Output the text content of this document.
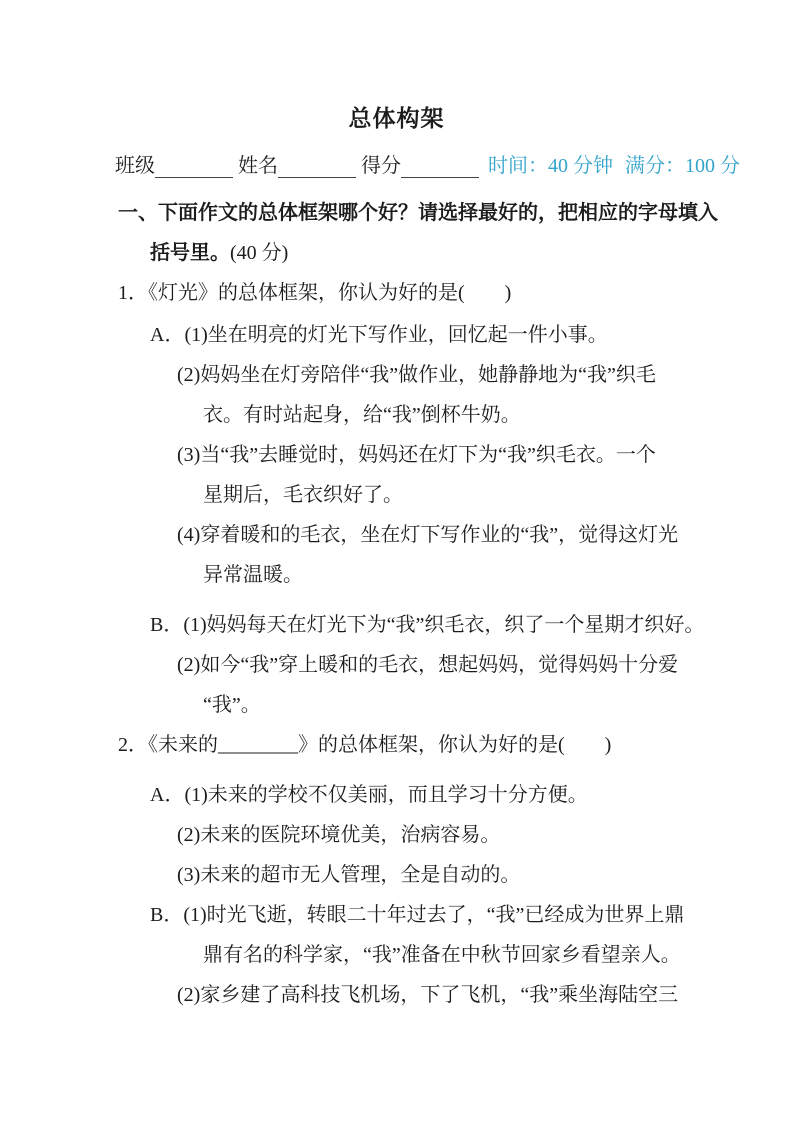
总体构架
班级	姓名	得分	时间：40 分钟 满分：100 分

一、下面作文的总体框架哪个好？请选择最好的，把相应的字母填入

括号里。(40 分)

1．《灯光》的总体框架，你认为好的是(　　)

A．(1)坐在明亮的灯光下写作业，回忆起一件小事。

(2)妈妈坐在灯旁陪伴“我”做作业，她静静地为“我”织毛

衣。有时站起身，给“我”倒杯牛奶。

(3)当“我”去睡觉时，妈妈还在灯下为“我”织毛衣。一个

星期后，毛衣织好了。

(4)穿着暖和的毛衣，坐在灯下写作业的“我”，觉得这灯光

异常温暖。

B．(1)妈妈每天在灯光下为“我”织毛衣，织了一个星期才织好。

(2)如今“我”穿上暖和的毛衣，想起妈妈，觉得妈妈十分爱

“我”。

2．《未来的________》的总体框架，你认为好的是(　　)

A．(1)未来的学校不仅美丽，而且学习十分方便。

(2)未来的医院环境优美，治病容易。

(3)未来的超市无人管理，全是自动的。

B．(1)时光飞逝，转眼二十年过去了，“我”已经成为世界上鼎

鼎有名的科学家，“我”准备在中秋节回家乡看望亲人。

(2)家乡建了高科技飞机场，下了飞机，“我”乘坐海陆空三
